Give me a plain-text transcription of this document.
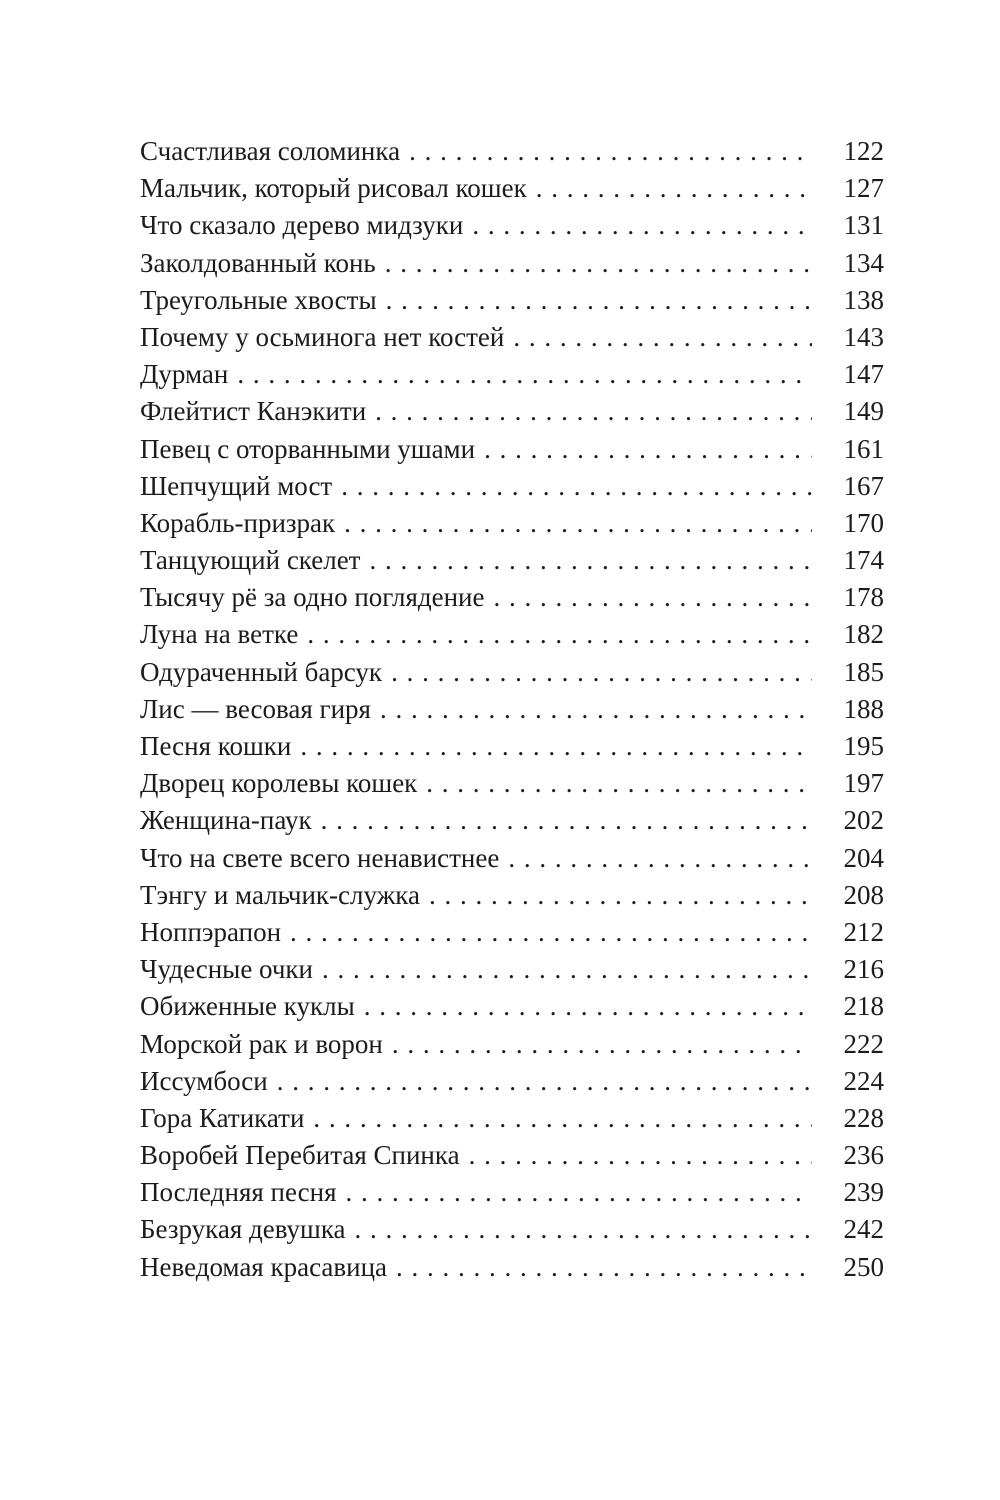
Счастливая соломинка . . .	122
Мальчик, который рисовал кошек . . .	127
Что сказало дерево мидзуки . . .	131
Заколдованный конь . . .	134
Треугольные хвосты . . .	138
Почему у осьминога нет костей . . .	143
Дурман . . .	147
Флейтист Канэкити . . .	149
Певец с оторванными ушами . . .	161
Шепчущий мост . . .	167
Корабль-призрак . . .	170
Танцующий скелет . . .	174
Тысячу рё за одно поглядение . . .	178
Луна на ветке . . .	182
Одураченный барсук . . .	185
Лис — весовая гиря . . .	188
Песня кошки . . .	195
Дворец королевы кошек . . .	197
Женщина-паук . . .	202
Что на свете всего ненавистнее . . .	204
Тэнгу и мальчик-служка . . .	208
Ноппэрапон . . .	212
Чудесные очки . . .	216
Обиженные куклы . . .	218
Морской рак и ворон . . .	222
Иссумбоси . . .	224
Гора Катикати . . .	228
Воробей Перебитая Спинка . . .	236
Последняя песня . . .	239
Безрукая девушка . . .	242
Неведомая красавица . . .	250
